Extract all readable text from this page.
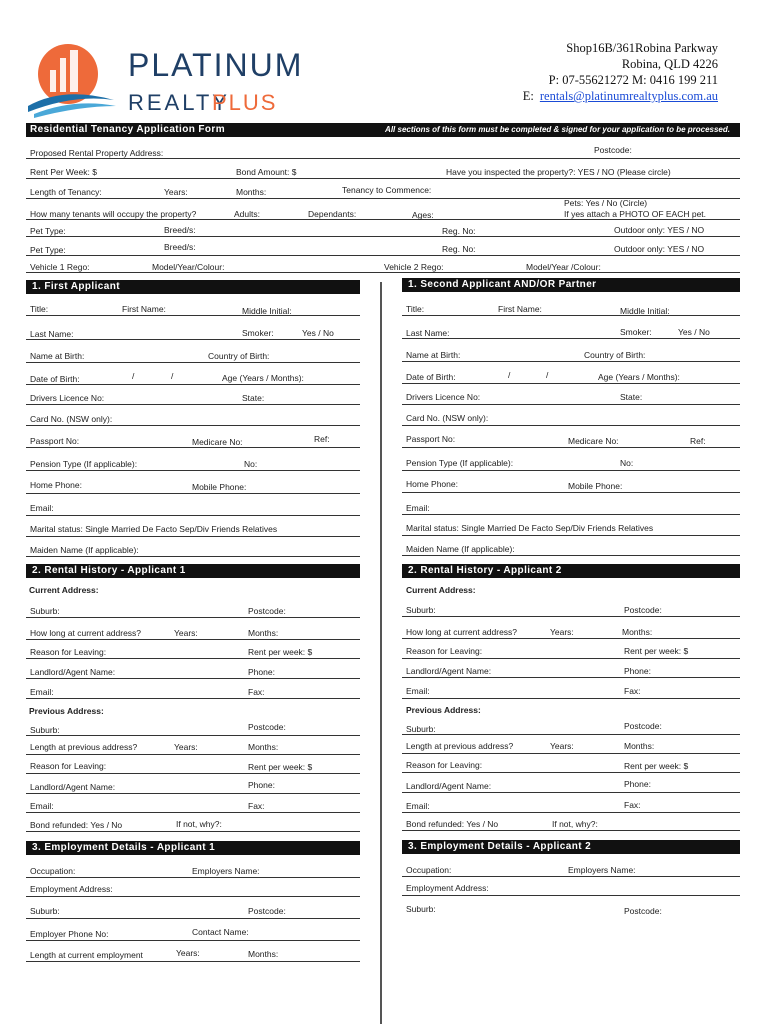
PLATINUM
REALTY
PLUS
Shop16B/361Robina Parkway
Robina, QLD 4226
P: 07-55621272 M: 0416 199 211
E: rentals@platinumrealtyplus.com.au
Residential Tenancy Application Form	All sections of this form must be completed & signed for your application to be processed.
Proposed Rental Property Address:	Postcode:
Rent Per Week: $	Bond Amount: $	Have you inspected the property?: YES / NO (Please circle)
Length of Tenancy:	Years:	Months:	Tenancy to Commence:
How many tenants will occupy the property?	Adults:	Dependants:	Ages:
Pets: Yes / No (Circle)
If yes attach a PHOTO OF EACH pet.
Pet Type:	Breed/s:	Reg. No:	Outdoor only: YES / NO
Pet Type:	Breed/s:	Reg. No:	Outdoor only: YES / NO
Vehicle 1 Rego:	Model/Year/Colour:	Vehicle 2 Rego:	Model/Year /Colour:
1. First Applicant
Title:	First Name:	Middle Initial:
Last Name:	Smoker:	Yes / No
Name at Birth:	Country of Birth:
Date of Birth:	/	/	Age (Years / Months):
Drivers Licence No:	State:
Card No. (NSW only):
Passport No:	Medicare No:	Ref:
Pension Type (If applicable):	No:
Home Phone:	Mobile Phone:
Email:
Marital status: Single Married De Facto Sep/Div Friends Relatives
Maiden Name (If applicable):
1. Second Applicant AND/OR Partner
Title:	First Name:	Middle Initial:
Last Name:	Smoker:	Yes / No
Name at Birth:	Country of Birth:
Date of Birth:	/	/	Age (Years / Months):
Drivers Licence No:	State:
Card No. (NSW only):
Passport No:	Medicare No:	Ref:
Pension Type (If applicable):	No:
Home Phone:	Mobile Phone:
Email:
Marital status: Single Married De Facto Sep/Div Friends Relatives
Maiden Name (If applicable):
2. Rental History - Applicant 1
Current Address:
Suburb:	Postcode:
How long at current address?	Years:	Months:
Reason for Leaving:	Rent per week: $
Landlord/Agent Name:	Phone:
Email:	Fax:
Previous Address:
Suburb:	Postcode:
Length at previous address?	Years:	Months:
Reason for Leaving:	Rent per week: $
Landlord/Agent Name:	Phone:
Email:	Fax:
Bond refunded: Yes / No	If not, why?:
2. Rental History - Applicant 2
Current Address:
Suburb:	Postcode:
How long at current address?	Years:	Months:
Reason for Leaving:	Rent per week: $
Landlord/Agent Name:	Phone:
Email:	Fax:
Previous Address:
Suburb:	Postcode:
Length at previous address?	Years:	Months:
Reason for Leaving:	Rent per week: $
Landlord/Agent Name:	Phone:
Email:	Fax:
Bond refunded: Yes / No	If not, why?:
3. Employment Details - Applicant 1
Occupation:	Employers Name:
Employment Address:
Suburb:	Postcode:
Employer Phone No:	Contact Name:
Length at current employment	Years:	Months:
3. Employment Details - Applicant 2
Occupation:	Employers Name:
Employment Address:
Suburb:	Postcode:
